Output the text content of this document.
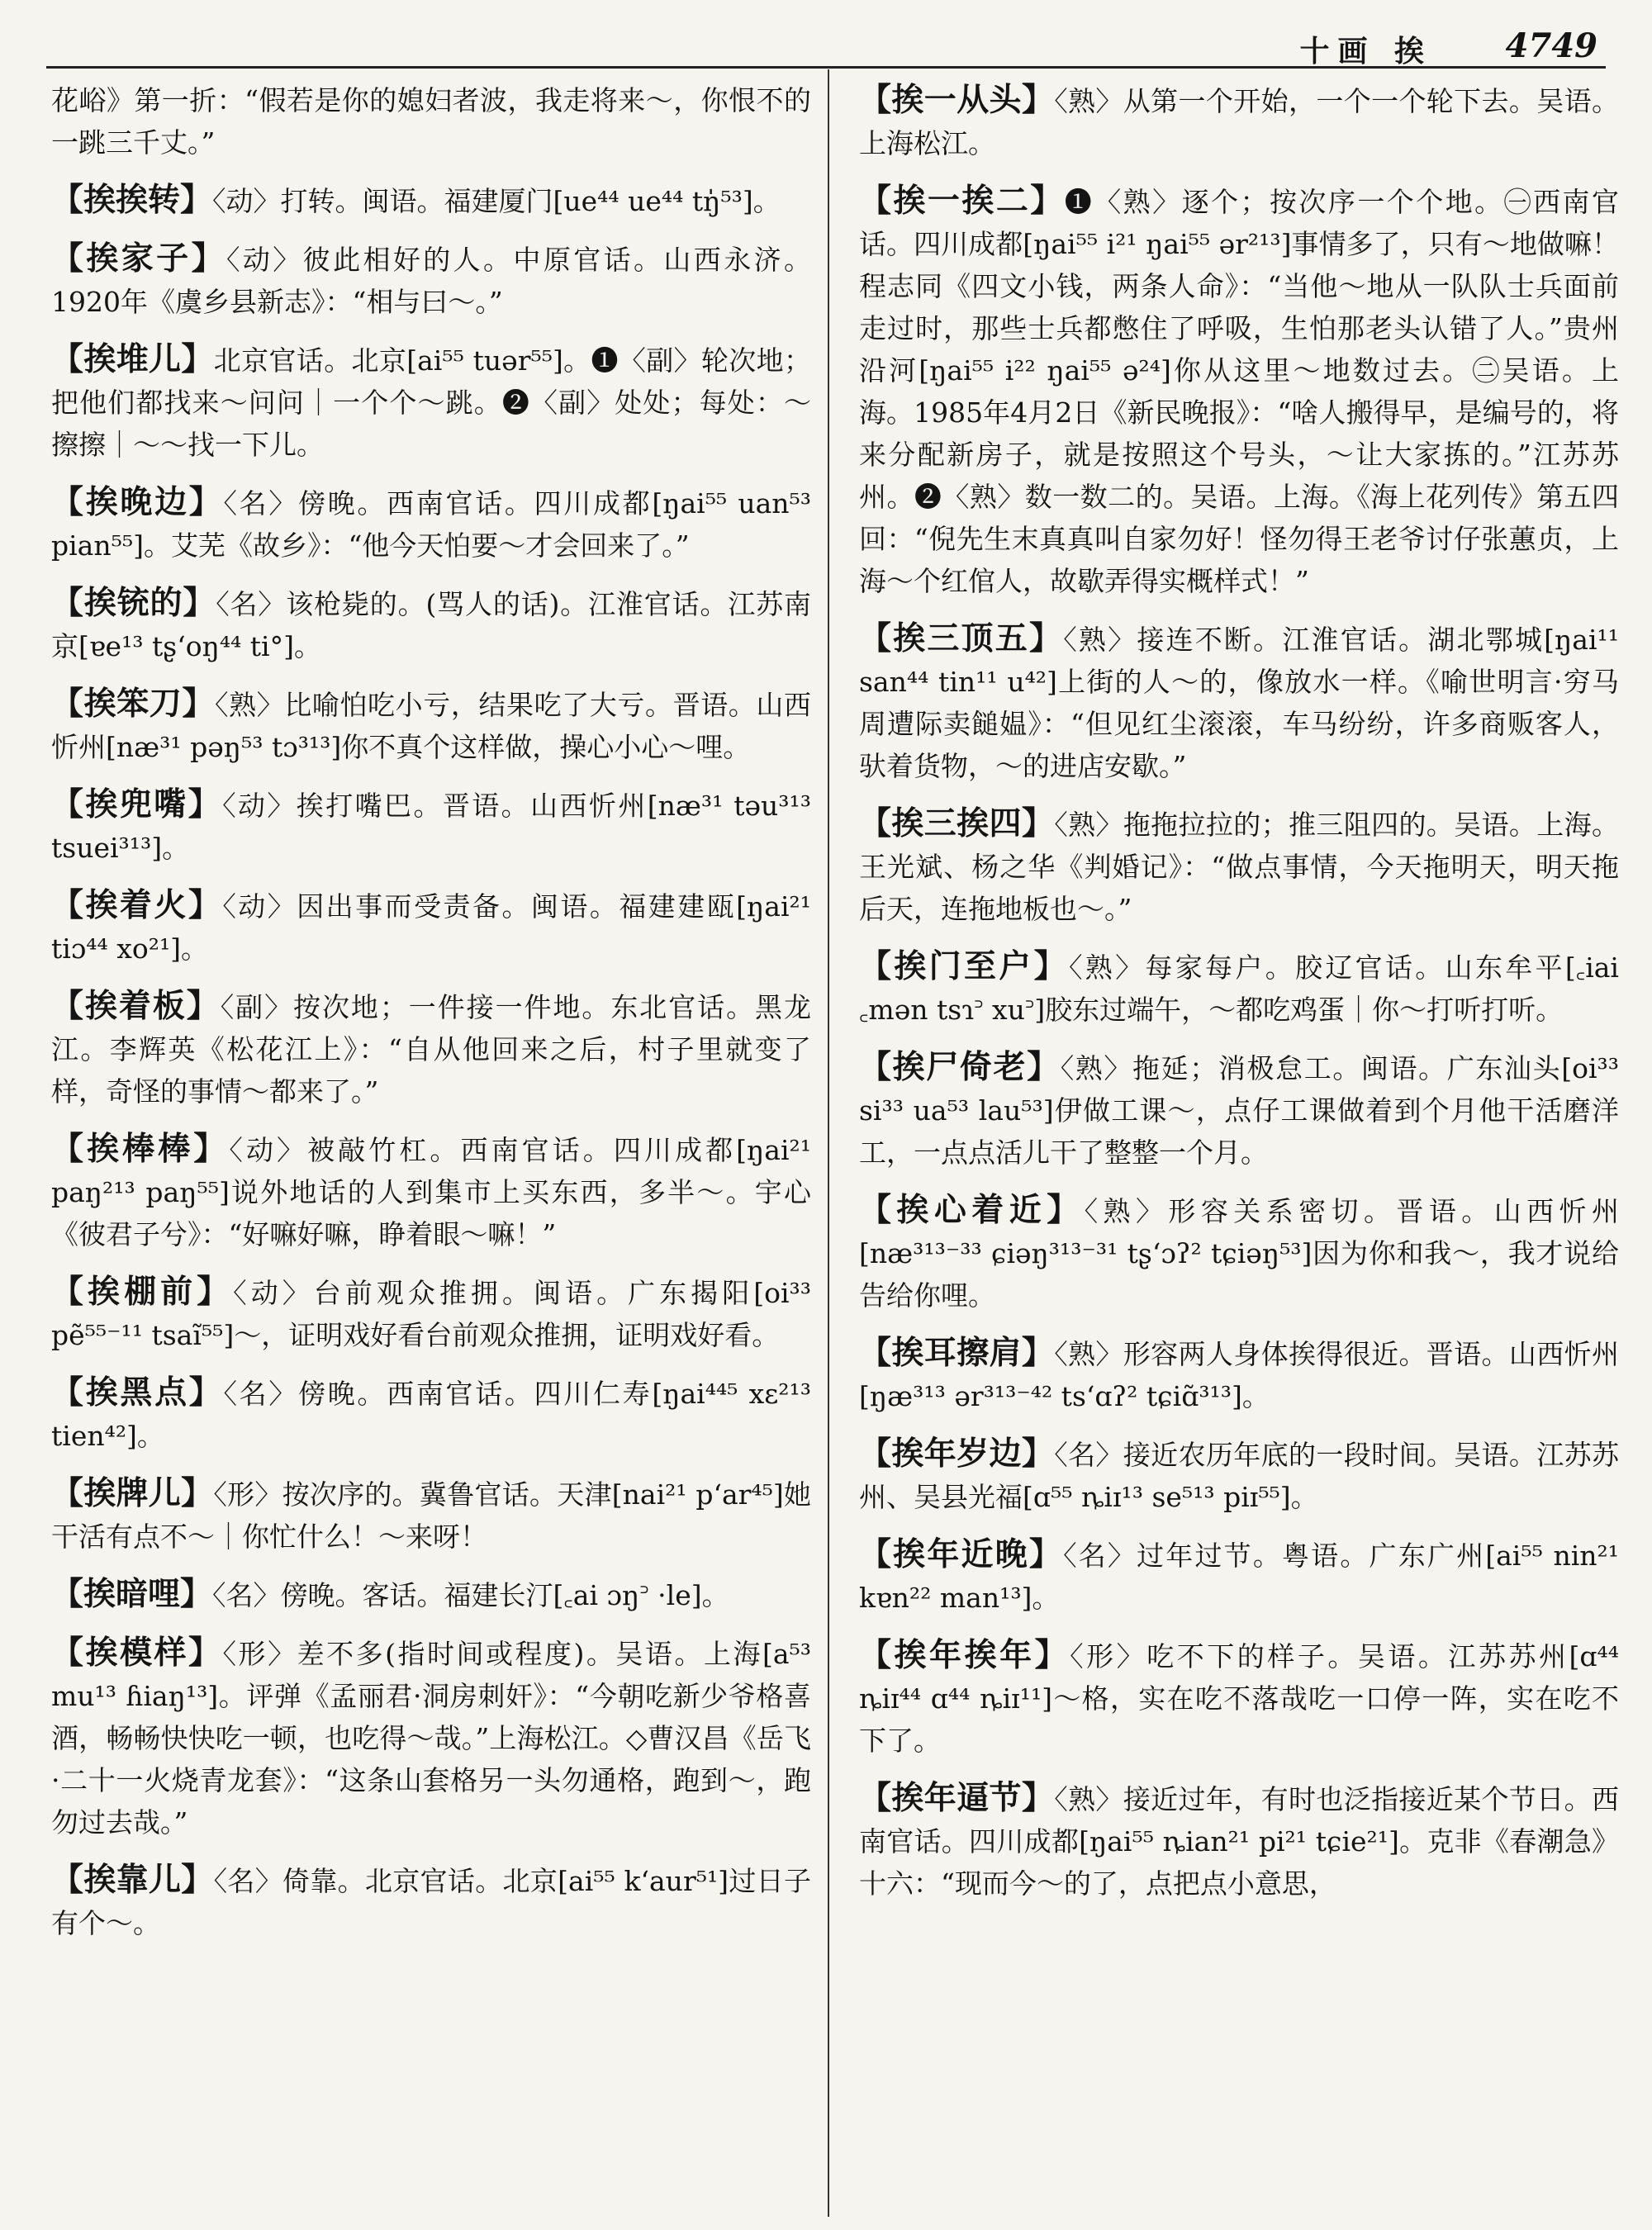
十画 挨 4749

花峪》第一折：“假若是你的媳妇者波，我走将来～，你恨不的一跳三千丈。”

【挨挨转】〈动〉打转。闽语。福建厦门[ue⁴⁴ ue⁴⁴ tŋ̍⁵³]。

【挨家子】〈动〉彼此相好的人。中原官话。山西永济。1920年《虞乡县新志》：“相与曰～。”

【挨堆儿】北京官话。北京[ai⁵⁵ tuər⁵⁵]。❶〈副〉轮次地；把他们都找来～问问｜一个个～跳。❷〈副〉处处；每处：～擦擦｜～～找一下儿。

【挨晚边】〈名〉傍晚。西南官话。四川成都[ŋai⁵⁵ uan⁵³ pian⁵⁵]。艾芜《故乡》：“他今天怕要～才会回来了。”

【挨铳的】〈名〉该枪毙的。(骂人的话)。江淮官话。江苏南京[ɐe¹³ tʂʻoŋ⁴⁴ ti°]。

【挨笨刀】〈熟〉比喻怕吃小亏，结果吃了大亏。晋语。山西忻州[næ³¹ pəŋ⁵³ tɔ³¹³]你不真个这样做，操心小心～哩。

【挨兜嘴】〈动〉挨打嘴巴。晋语。山西忻州[næ³¹ təu³¹³ tsuei³¹³]。

【挨着火】〈动〉因出事而受责备。闽语。福建建瓯[ŋai²¹ tiɔ⁴⁴ xo²¹]。

【挨着板】〈副〉按次地；一件接一件地。东北官话。黑龙江。李辉英《松花江上》：“自从他回来之后，村子里就变了样，奇怪的事情～都来了。”

【挨棒棒】〈动〉被敲竹杠。西南官话。四川成都[ŋai²¹ paŋ²¹³ paŋ⁵⁵]说外地话的人到集市上买东西，多半～。宇心《彼君子兮》：“好嘛好嘛，睁着眼～嘛！”

【挨棚前】〈动〉台前观众推拥。闽语。广东揭阳[oi³³ pẽ⁵⁵⁻¹¹ tsaĩ⁵⁵]～，证明戏好看台前观众推拥，证明戏好看。

【挨黑点】〈名〉傍晚。西南官话。四川仁寿[ŋai⁴⁴⁵ xɛ²¹³ tien⁴²]。

【挨牌儿】〈形〉按次序的。冀鲁官话。天津[nai²¹ pʻar⁴⁵]她干活有点不～｜你忙什么！～来呀！

【挨暗哩】〈名〉傍晚。客话。福建长汀[꜀ai ɔŋ꜄ ·le]。

【挨模样】〈形〉差不多(指时间或程度)。吴语。上海[a⁵³ mu¹³ ɦiaŋ¹³]。评弹《孟丽君·洞房刺奸》：“今朝吃新少爷格喜酒，畅畅快快吃一顿，也吃得～哉。”上海松江。◇曹汉昌《岳飞·二十一火烧青龙套》：“这条山套格另一头勿通格，跑到～，跑勿过去哉。”

【挨靠儿】〈名〉倚靠。北京官话。北京[ai⁵⁵ kʻaur⁵¹]过日子有个～。

【挨一从头】〈熟〉从第一个开始，一个一个轮下去。吴语。上海松江。

【挨一挨二】❶〈熟〉逐个；按次序一个个地。㊀西南官话。四川成都[ŋai⁵⁵ i²¹ ŋai⁵⁵ ər²¹³]事情多了，只有～地做嘛！程志同《四文小钱，两条人命》：“当他～地从一队队士兵面前走过时，那些士兵都憋住了呼吸，生怕那老头认错了人。”贵州沿河[ŋai⁵⁵ i²² ŋai⁵⁵ ə²⁴]你从这里～地数过去。㊁吴语。上海。1985年4月2日《新民晚报》：“啥人搬得早，是编号的，将来分配新房子，就是按照这个号头，～让大家拣的。”江苏苏州。❷〈熟〉数一数二的。吴语。上海。《海上花列传》第五四回：“倪先生末真真叫自家勿好！怪勿得王老爷讨仔张蕙贞，上海～个红倌人，故歇弄得实概样式！”

【挨三顶五】〈熟〉接连不断。江淮官话。湖北鄂城[ŋai¹¹ san⁴⁴ tin¹¹ u⁴²]上街的人～的，像放水一样。《喻世明言·穷马周遭际卖䭔媪》：“但见红尘滚滚，车马纷纷，许多商贩客人，驮着货物，～的进店安歇。”

【挨三挨四】〈熟〉拖拖拉拉的；推三阻四的。吴语。上海。王光斌、杨之华《判婚记》：“做点事情，今天拖明天，明天拖后天，连拖地板也～。”

【挨门至户】〈熟〉每家每户。胶辽官话。山东牟平[꜀iai ꜀mən tsɿ꜄ xu꜄]胶东过端午，～都吃鸡蛋｜你～打听打听。

【挨尸倚老】〈熟〉拖延；消极怠工。闽语。广东汕头[oi³³ si³³ ua⁵³ lau⁵³]伊做工课～，点仔工课做着到个月他干活磨洋工，一点点活儿干了整整一个月。

【挨心着近】〈熟〉形容关系密切。晋语。山西忻州[næ³¹³⁻³³ ɕiəŋ³¹³⁻³¹ tʂʻɔʔ² tɕiəŋ⁵³]因为你和我～，我才说给告给你哩。

【挨耳擦肩】〈熟〉形容两人身体挨得很近。晋语。山西忻州[ŋæ³¹³ ər³¹³⁻⁴² tsʻɑʔ² tɕiɑ̃³¹³]。

【挨年岁边】〈名〉接近农历年底的一段时间。吴语。江苏苏州、吴县光福[ɑ⁵⁵ ȵiɪ¹³ se⁵¹³ piɪ⁵⁵]。

【挨年近晚】〈名〉过年过节。粤语。广东广州[ai⁵⁵ nin²¹ kɐn²² man¹³]。

【挨年挨年】〈形〉吃不下的样子。吴语。江苏苏州[ɑ⁴⁴ ȵiɪ⁴⁴ ɑ⁴⁴ ȵiɪ¹¹]～格，实在吃不落哉吃一口停一阵，实在吃不下了。

【挨年逼节】〈熟〉接近过年，有时也泛指接近某个节日。西南官话。四川成都[ŋai⁵⁵ ȵian²¹ pi²¹ tɕie²¹]。克非《春潮急》十六：“现而今～的了，点把点小意思，
